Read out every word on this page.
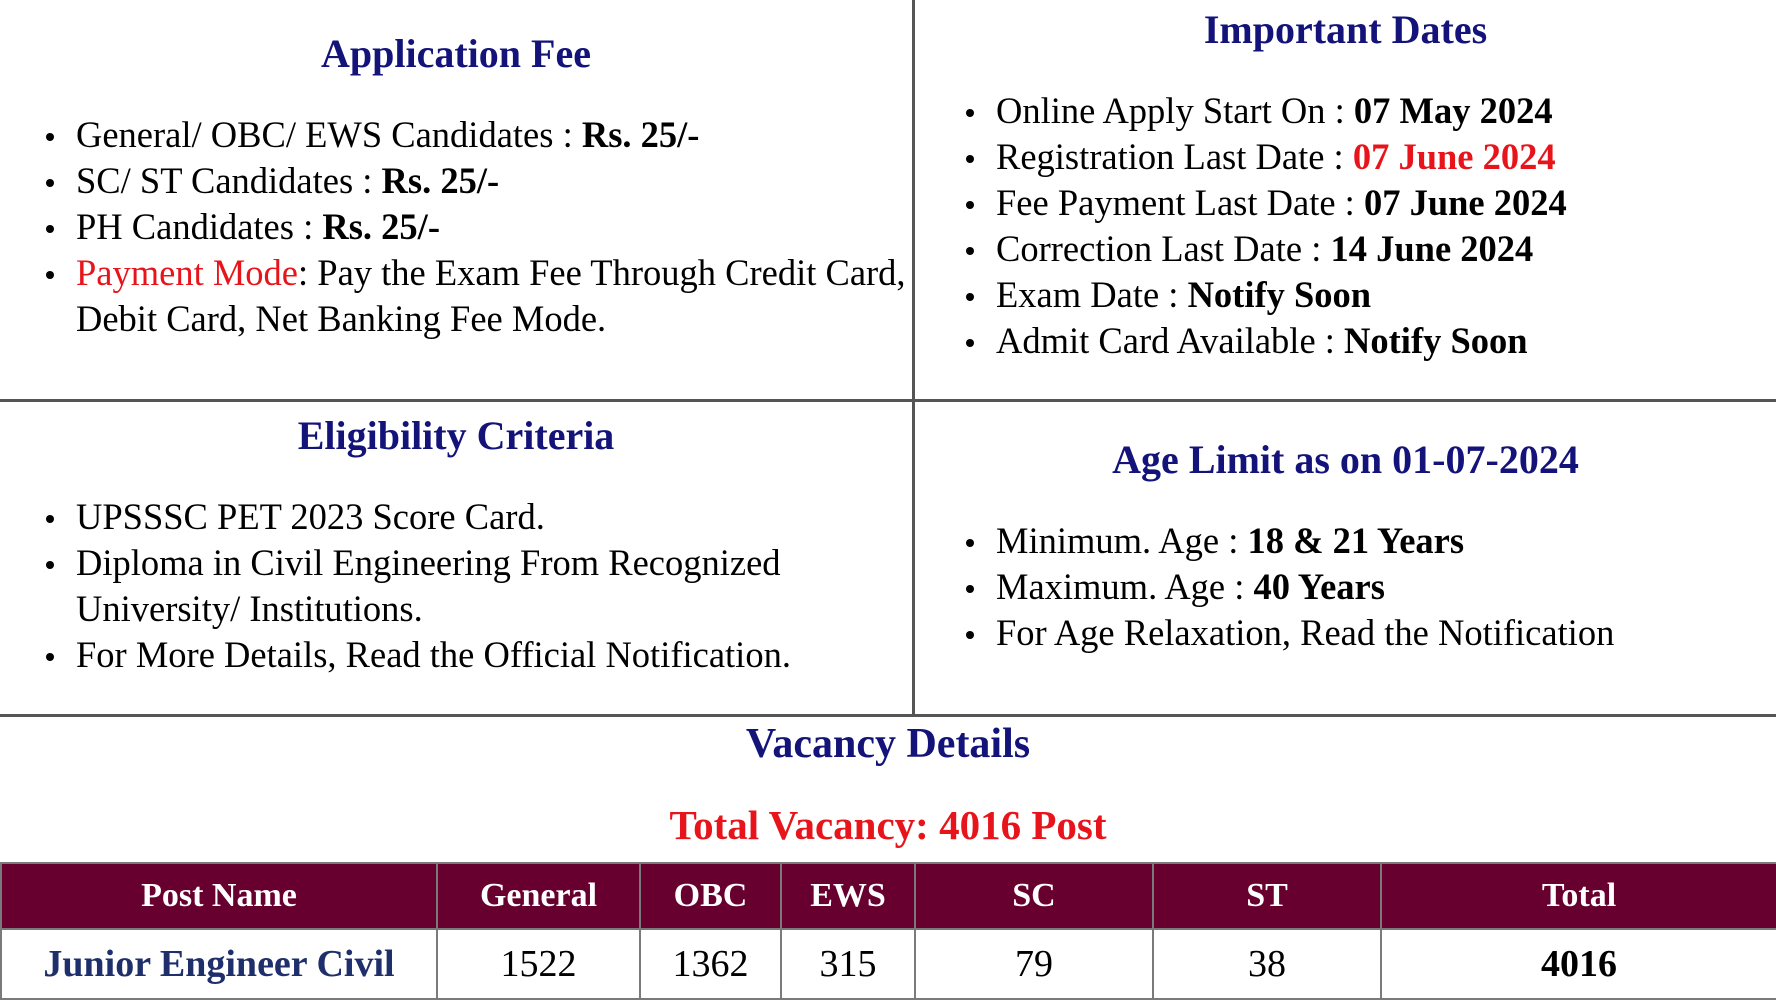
Application Fee
General/ OBC/ EWS Candidates : Rs. 25/-
SC/ ST Candidates : Rs. 25/-
PH Candidates : Rs. 25/-
Payment Mode: Pay the Exam Fee Through Credit Card, Debit Card, Net Banking Fee Mode.
Important Dates
Online Apply Start On : 07 May 2024
Registration Last Date : 07 June 2024
Fee Payment Last Date : 07 June 2024
Correction Last Date : 14 June 2024
Exam Date : Notify Soon
Admit Card Available : Notify Soon
Eligibility Criteria
UPSSSC PET 2023 Score Card.
Diploma in Civil Engineering From Recognized University/ Institutions.
For More Details, Read the Official Notification.
Age Limit as on 01-07-2024
Minimum. Age : 18 & 21 Years
Maximum. Age : 40 Years
For Age Relaxation, Read the Notification
Vacancy Details
Total Vacancy: 4016 Post
Post Name	General	OBC	EWS	SC	ST	Total
Junior Engineer Civil	1522	1362	315	79	38	4016
